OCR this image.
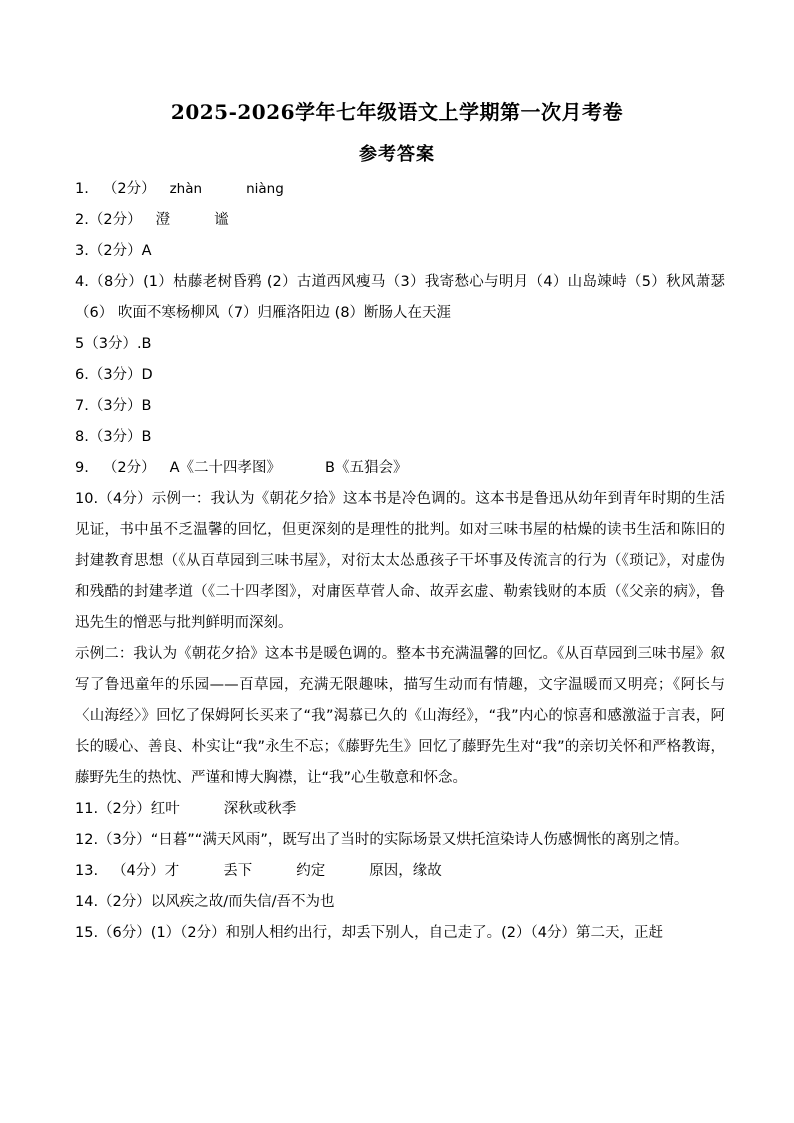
2025-2026学年七年级语文上学期第一次月考卷
参考答案
1. （2分） zhàn	niàng
2.（2分） 澄	谧
3.（2分）A
4.（8分）(1）枯藤老树昏鸦 (2）古道西风瘦马（3）我寄愁心与明月（4）山岛竦峙（5）秋风萧瑟（6） 吹面不寒杨柳风（7）归雁洛阳边 (8）断肠人在天涯
5（3分）.B
6.（3分）D
7.（3分）B
8.（3分）B
9. （2分） A《二十四孝图》	B《五猖会》
10.（4分）示例一：我认为《朝花夕拾》这本书是冷色调的。这本书是鲁迅从幼年到青年时期的生活见证，书中虽不乏温馨的回忆，但更深刻的是理性的批判。如对三味书屋的枯燥的读书生活和陈旧的封建教育思想（《从百草园到三味书屋》，对衍太太怂恿孩子干坏事及传流言的行为（《琐记》，对虚伪和残酷的封建孝道（《二十四孝图》，对庸医草菅人命、故弄玄虚、勒索钱财的本质（《父亲的病》，鲁迅先生的憎恶与批判鲜明而深刻。
示例二：我认为《朝花夕拾》这本书是暖色调的。整本书充满温馨的回忆。《从百草园到三味书屋》叙写了鲁迅童年的乐园——百草园，充满无限趣味，描写生动而有情趣，文字温暖而又明亮；《阿长与〈山海经〉》回忆了保姆阿长买来了“我”渴慕已久的《山海经》，“我”内心的惊喜和感激溢于言表，阿长的暖心、善良、朴实让“我”永生不忘；《藤野先生》回忆了藤野先生对“我”的亲切关怀和严格教诲，藤野先生的热忱、严谨和博大胸襟，让“我”心生敬意和怀念。
11.（2分）红叶	深秋或秋季
12.（3分）“日暮”“满天风雨”，既写出了当时的实际场景又烘托渲染诗人伤感惆怅的离别之情。
13. （4分）才	丢下	约定	原因，缘故
14.（2分）以风疾之故/而失信/吾不为也
15.（6分）(1）（2分）和别人相约出行，却丢下别人，自己走了。(2）（4分）第二天，正赶
